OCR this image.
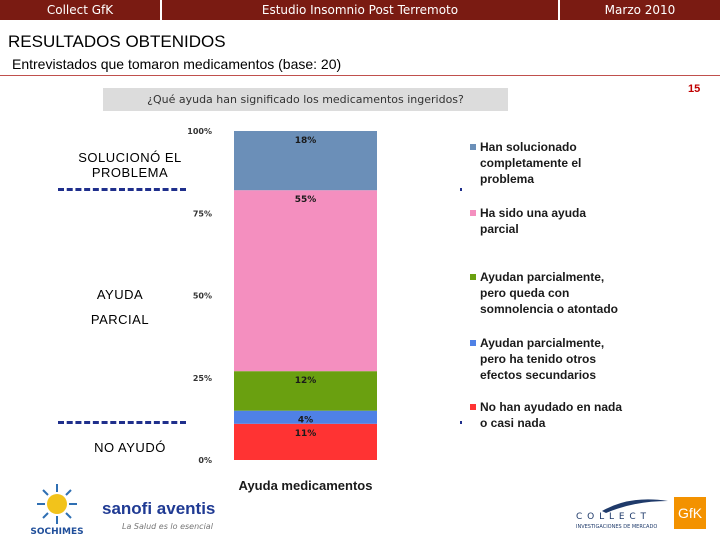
Collect GfK	Estudio Insomnio Post Terremoto	Marzo 2010
RESULTADOS OBTENIDOS
Entrevistados que tomaron medicamentos (base: 20)
15
¿Qué ayuda han significado los medicamentos ingeridos?
SOLUCIONÓ EL PROBLEMA
AYUDA PARCIAL
NO AYUDÓ
0%
25%
50%
75%
100%
11%
4%
12%
55%
18%
Ayuda medicamentos
Han solucionado completamente el problema
Ha sido una ayuda parcial
Ayudan parcialmente, pero queda con somnolencia o atontado
Ayudan parcialmente, pero ha tenido otros efectos secundarios
No han ayudado en nada o casi nada
SOCHIMES
sanofi aventis
La Salud es lo esencial
C O L L E C T
INVESTIGACIONES DE MERCADO
GfK
